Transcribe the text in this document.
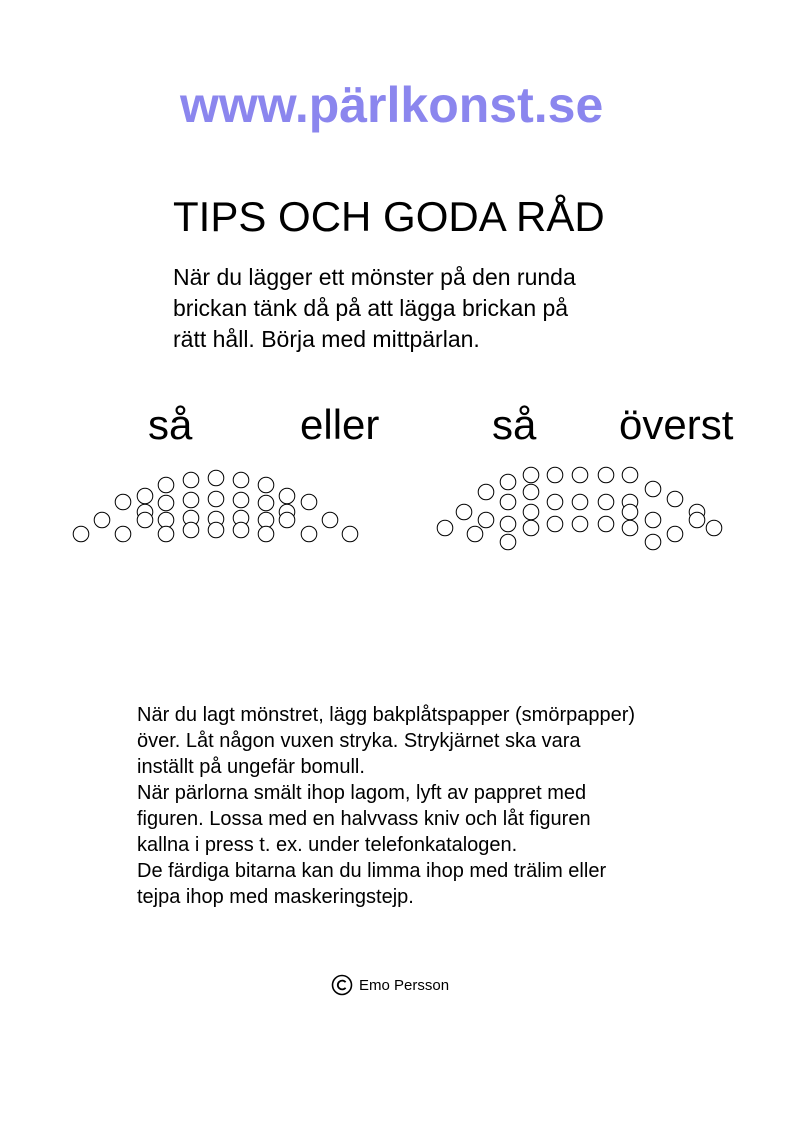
www.pärlkonst.se
TIPS OCH GODA RÅD
När du lägger ett mönster på den runda
brickan tänk då på att lägga brickan på
rätt håll. Börja med mittpärlan.
så	eller	så överst
När du lagt mönstret, lägg bakplåtspapper (smörpapper)
över. Låt någon vuxen stryka. Strykjärnet ska vara
inställt på ungefär bomull.
När pärlorna smält ihop lagom, lyft av pappret med
figuren. Lossa med en halvvass kniv och låt figuren
kallna i press t. ex. under telefonkatalogen.
De färdiga bitarna kan du limma ihop med trälim eller
tejpa ihop med maskeringstejp.
Emo Persson
